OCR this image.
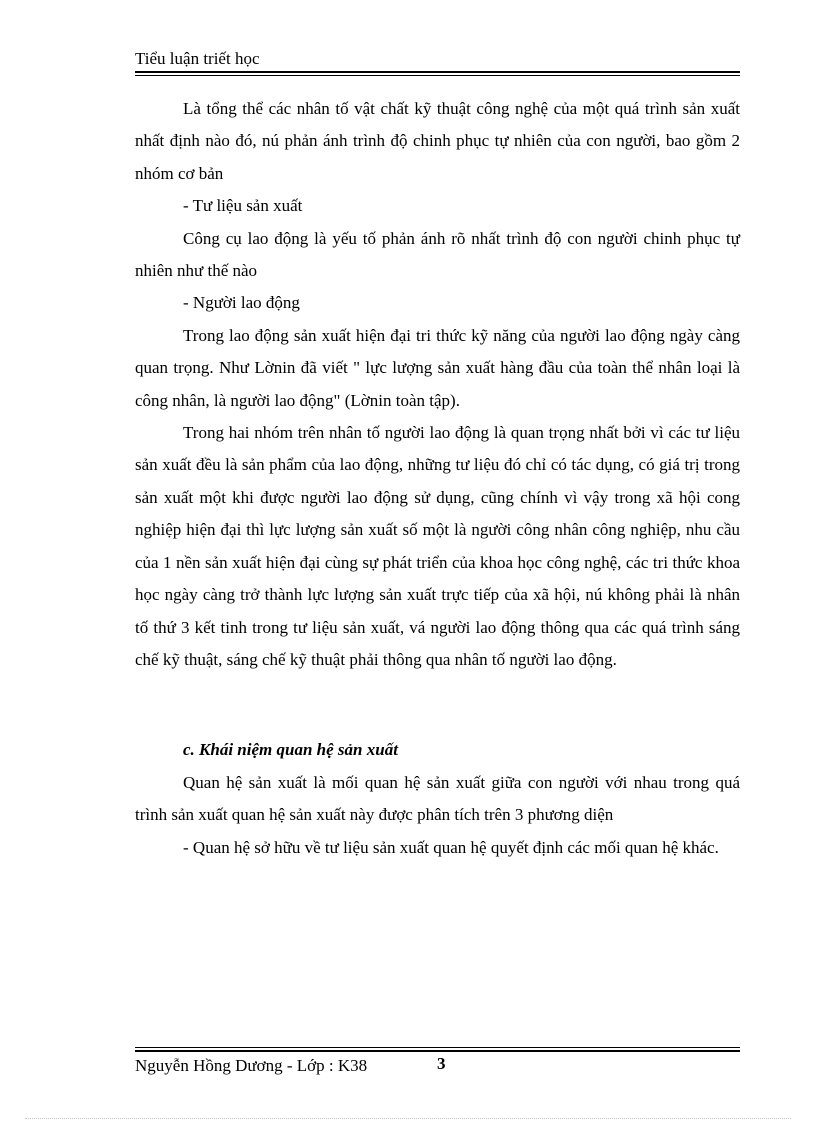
Tiểu luận triết học

Là tổng thể các nhân tố vật chất kỹ thuật công nghệ của một quá trình sản xuất nhất định nào đó, nú phản ánh trình độ chinh phục tự nhiên của con người, bao gồm 2 nhóm cơ bản

- Tư liệu sản xuất

Công cụ lao động là yếu tố phản ánh rõ nhất trình độ con người chinh phục tự nhiên như thế nào

- Người lao động

Trong lao động sản xuất hiện đại tri thức kỹ năng của người lao động ngày càng quan trọng. Như Lờnin đã viết " lực lượng sản xuất hàng đầu của toàn thể nhân loại là công nhân, là người lao động" (Lờnin toàn tập).

Trong hai nhóm trên nhân tố người lao động là quan trọng nhất bởi vì các tư liệu sản xuất đều là sản phẩm của lao động, những tư liệu đó chỉ có tác dụng, có giá trị trong sản xuất một khi được người lao động sử dụng, cũng chính vì vậy trong xã hội cong nghiệp hiện đại thì lực lượng sản xuất số một là người công nhân công nghiệp, nhu cầu của 1 nền sản xuất hiện đại cùng sự phát triển của khoa học công nghệ, các tri thức khoa học ngày càng trở thành lực lượng sản xuất trực tiếp của xã hội, nú không phải là nhân tố thứ 3 kết tinh trong tư liệu sản xuất, vá người lao động thông qua các quá trình sáng chế kỹ thuật, sáng chế kỹ thuật phải thông qua nhân tố người lao động.

c. Khái niệm quan hệ sản xuất

Quan hệ sản xuất là mối quan hệ sản xuất giữa con người với nhau trong quá trình sản xuất quan hệ sản xuất này được phân tích trên 3 phương diện

- Quan hệ sở hữu về tư liệu sản xuất quan hệ quyết định các mối quan hệ khác.

Nguyễn Hồng Dương - Lớp : K38	3
